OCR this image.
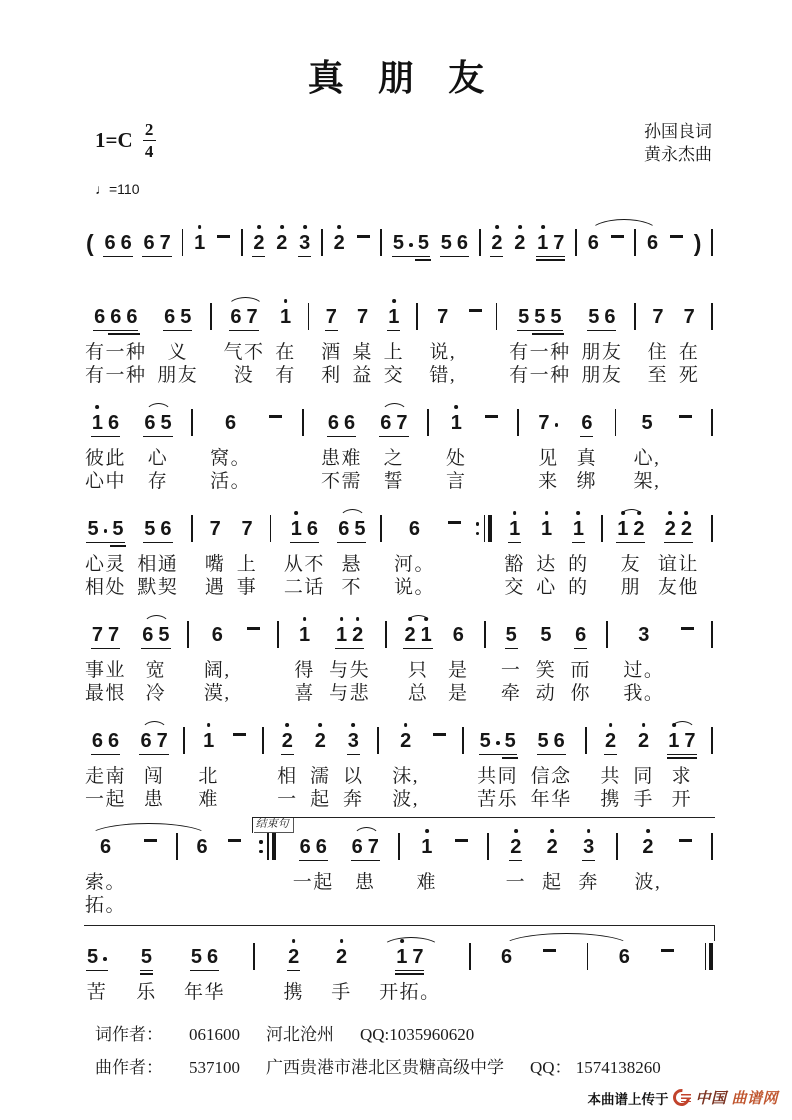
真朋友
1=C 2
4
孙国良词
黄永杰曲
♩=110
( 6 6 6 7 1 2 2 3 2 5 5 5 6 2 2 1 7 6 6 )
6 6 6
有一种
有一种
6 5
义
朋友
6 7
气不
没
1
在
有
7
酒
利
7
桌
益
1
上
交
7
说,
错,
5 5 5
有一种
有一种
5 6
朋友
朋友
7
住
至
7
在
死
1 6
彼此
心中
6 5
心
存
6
窝。
活。
6 6
患难
不需
6 7
之
誓
1
处
言
7
见
来
6
真
绑
5
心,
架,
5 5
心灵
相处
5 6
相通
默契
7
嘴
遇
7
上
事
1 6
从不
二话
6 5
悬
不
6
河。
说。
1
豁
交
1
达
心
1
的
的
1 2
友
朋
2 2
谊让
友他
7 7
事业
最恨
6 5
宽
冷
6
阔,
漠,
1
得
喜
1 2
与失
与悲
2 1
只
总
6
是
是
5
一
牵
5
笑
动
6
而
你
3
过。
我。
6 6
走南
一起
6 7
闯
患
1
北
难
2
相
一
2
濡
起
3
以
奔
2
沫,
波,
5 5
共同
苦乐
5 6
信念
年华
2
共
携
2
同
手
1 7
求
开
6
索。
拓。
6	6 6
一起
6 7
患
1
难
2
一
2
起
3
奔
2
波,
结束句
5
苦
5
乐
5 6
年华
2
携
2
手
1 7
开拓。
6	6
词作者： 061600 河北沧州 QQ:1035960620
曲作者： 537100 广西贵港市港北区贵糖高级中学 QQ： 1574138260
本曲谱上传于 中国 曲谱网
